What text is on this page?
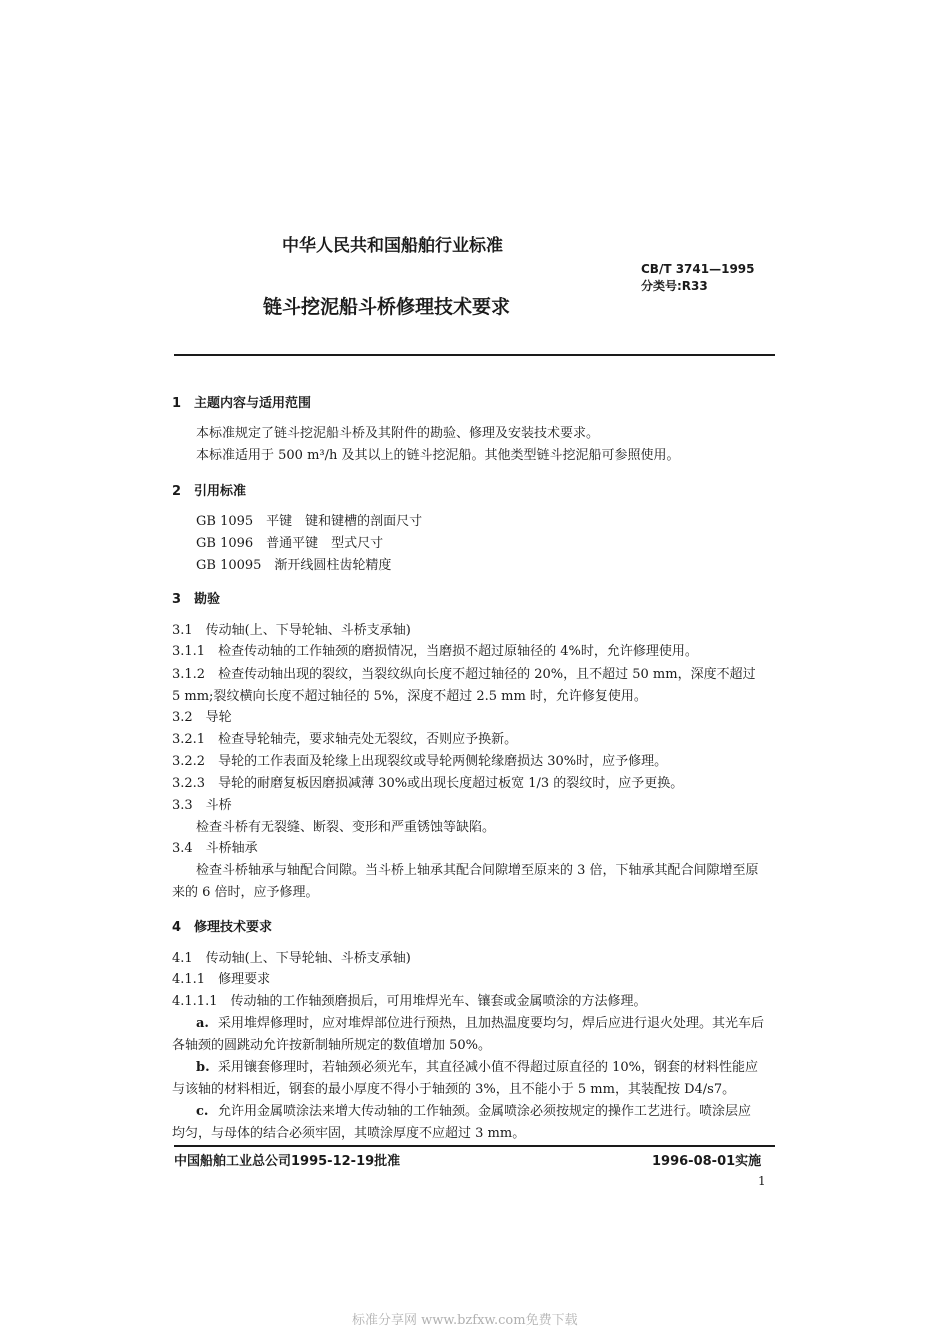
中华人民共和国船舶行业标准
CB/T 3741—1995
分类号:R33
链斗挖泥船斗桥修理技术要求
1　主题内容与适用范围
本标准规定了链斗挖泥船斗桥及其附件的勘验、修理及安装技术要求。
本标准适用于 500 m³/h 及其以上的链斗挖泥船。其他类型链斗挖泥船可参照使用。
2　引用标准
GB 1095　平键　键和键槽的剖面尺寸
GB 1096　普通平键　型式尺寸
GB 10095　渐开线圆柱齿轮精度
3　勘验
3.1　传动轴(上、下导轮轴、斗桥支承轴)
3.1.1　检查传动轴的工作轴颈的磨损情况，当磨损不超过原轴径的 4%时，允许修理使用。
3.1.2　检查传动轴出现的裂纹，当裂纹纵向长度不超过轴径的 20%，且不超过 50 mm，深度不超过
5 mm;裂纹横向长度不超过轴径的 5%，深度不超过 2.5 mm 时，允许修复使用。
3.2　导轮
3.2.1　检查导轮轴壳，要求轴壳处无裂纹，否则应予换新。
3.2.2　导轮的工作表面及轮缘上出现裂纹或导轮两侧轮缘磨损达 30%时，应予修理。
3.2.3　导轮的耐磨复板因磨损减薄 30%或出现长度超过板宽 1/3 的裂纹时，应予更换。
3.3　斗桥
检查斗桥有无裂缝、断裂、变形和严重锈蚀等缺陷。
3.4　斗桥轴承
检查斗桥轴承与轴配合间隙。当斗桥上轴承其配合间隙增至原来的 3 倍，下轴承其配合间隙增至原
来的 6 倍时，应予修理。
4　修理技术要求
4.1　传动轴(上、下导轮轴、斗桥支承轴)
4.1.1　修理要求
4.1.1.1　传动轴的工作轴颈磨损后，可用堆焊光车、镶套或金属喷涂的方法修理。
a. 采用堆焊修理时，应对堆焊部位进行预热，且加热温度要均匀，焊后应进行退火处理。其光车后
各轴颈的圆跳动允许按新制轴所规定的数值增加 50%。
b. 采用镶套修理时，若轴颈必须光车，其直径减小值不得超过原直径的 10%，钢套的材料性能应
与该轴的材料相近，钢套的最小厚度不得小于轴颈的 3%，且不能小于 5 mm，其装配按 D4/s7。
c. 允许用金属喷涂法来增大传动轴的工作轴颈。金属喷涂必须按规定的操作工艺进行。喷涂层应
均匀，与母体的结合必须牢固，其喷涂厚度不应超过 3 mm。
中国船舶工业总公司1995-12-19批准	1996-08-01实施
1
标准分享网 www.bzfxw.com免费下载
